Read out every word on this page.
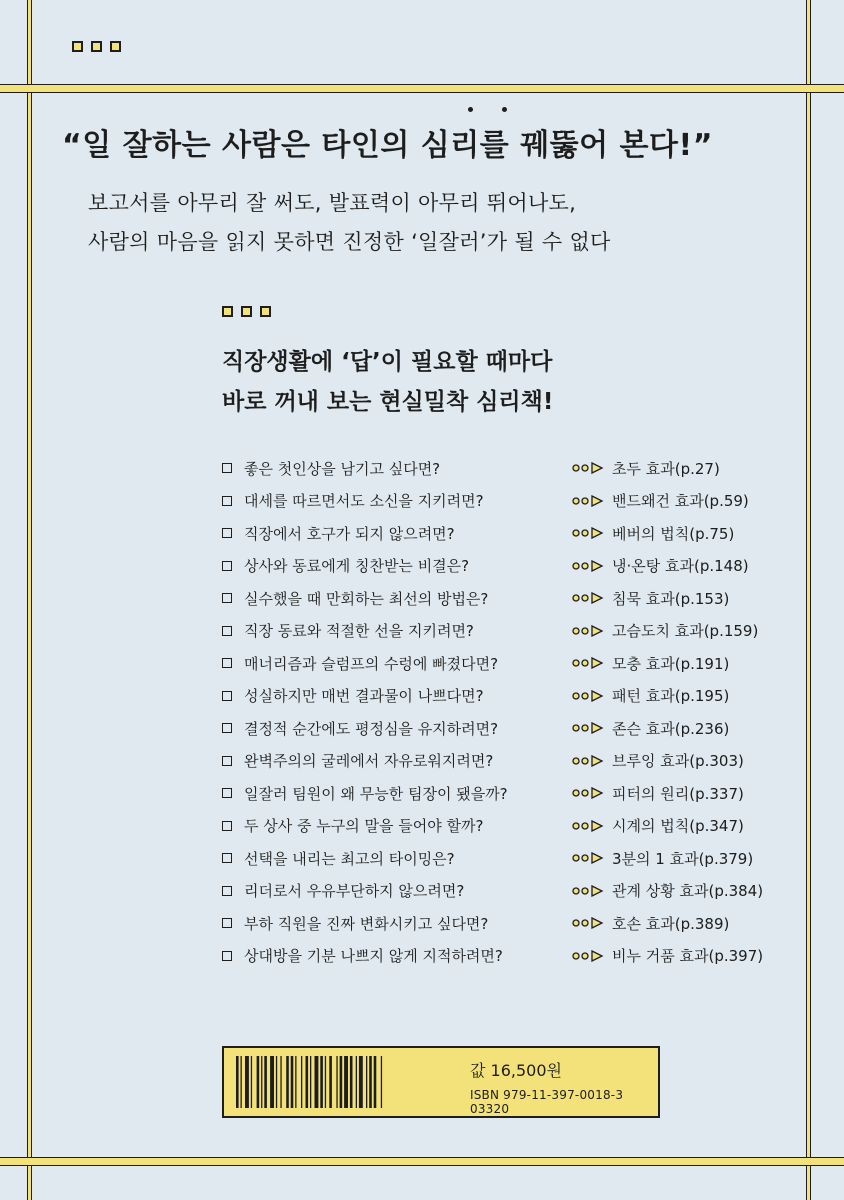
“일 잘하는 사람은 타인의 심리를 꿰뚫어 본다!”
보고서를 아무리 잘 써도, 발표력이 아무리 뛰어나도,
사람의 마음을 읽지 못하면 진정한 ‘일잘러’가 될 수 없다
직장생활에 ‘답’이 필요할 때마다
바로 꺼내 보는 현실밀착 심리책!
좋은 첫인상을 남기고 싶다면?	초두 효과(p.27)
대세를 따르면서도 소신을 지키려면?	밴드왜건 효과(p.59)
직장에서 호구가 되지 않으려면?	베버의 법칙(p.75)
상사와 동료에게 칭찬받는 비결은?	냉·온탕 효과(p.148)
실수했을 때 만회하는 최선의 방법은?	침묵 효과(p.153)
직장 동료와 적절한 선을 지키려면?	고슴도치 효과(p.159)
매너리즘과 슬럼프의 수렁에 빠졌다면?	모충 효과(p.191)
성실하지만 매번 결과물이 나쁘다면?	패턴 효과(p.195)
결정적 순간에도 평정심을 유지하려면?	존슨 효과(p.236)
완벽주의의 굴레에서 자유로워지려면?	브루잉 효과(p.303)
일잘러 팀원이 왜 무능한 팀장이 됐을까?	피터의 원리(p.337)
두 상사 중 누구의 말을 들어야 할까?	시계의 법칙(p.347)
선택을 내리는 최고의 타이밍은?	3분의 1 효과(p.379)
리더로서 우유부단하지 않으려면?	관계 상황 효과(p.384)
부하 직원을 진짜 변화시키고 싶다면?	호손 효과(p.389)
상대방을 기분 나쁘지 않게 지적하려면?	비누 거품 효과(p.397)
값 16,500원
ISBN 979-11-397-0018-3 03320
